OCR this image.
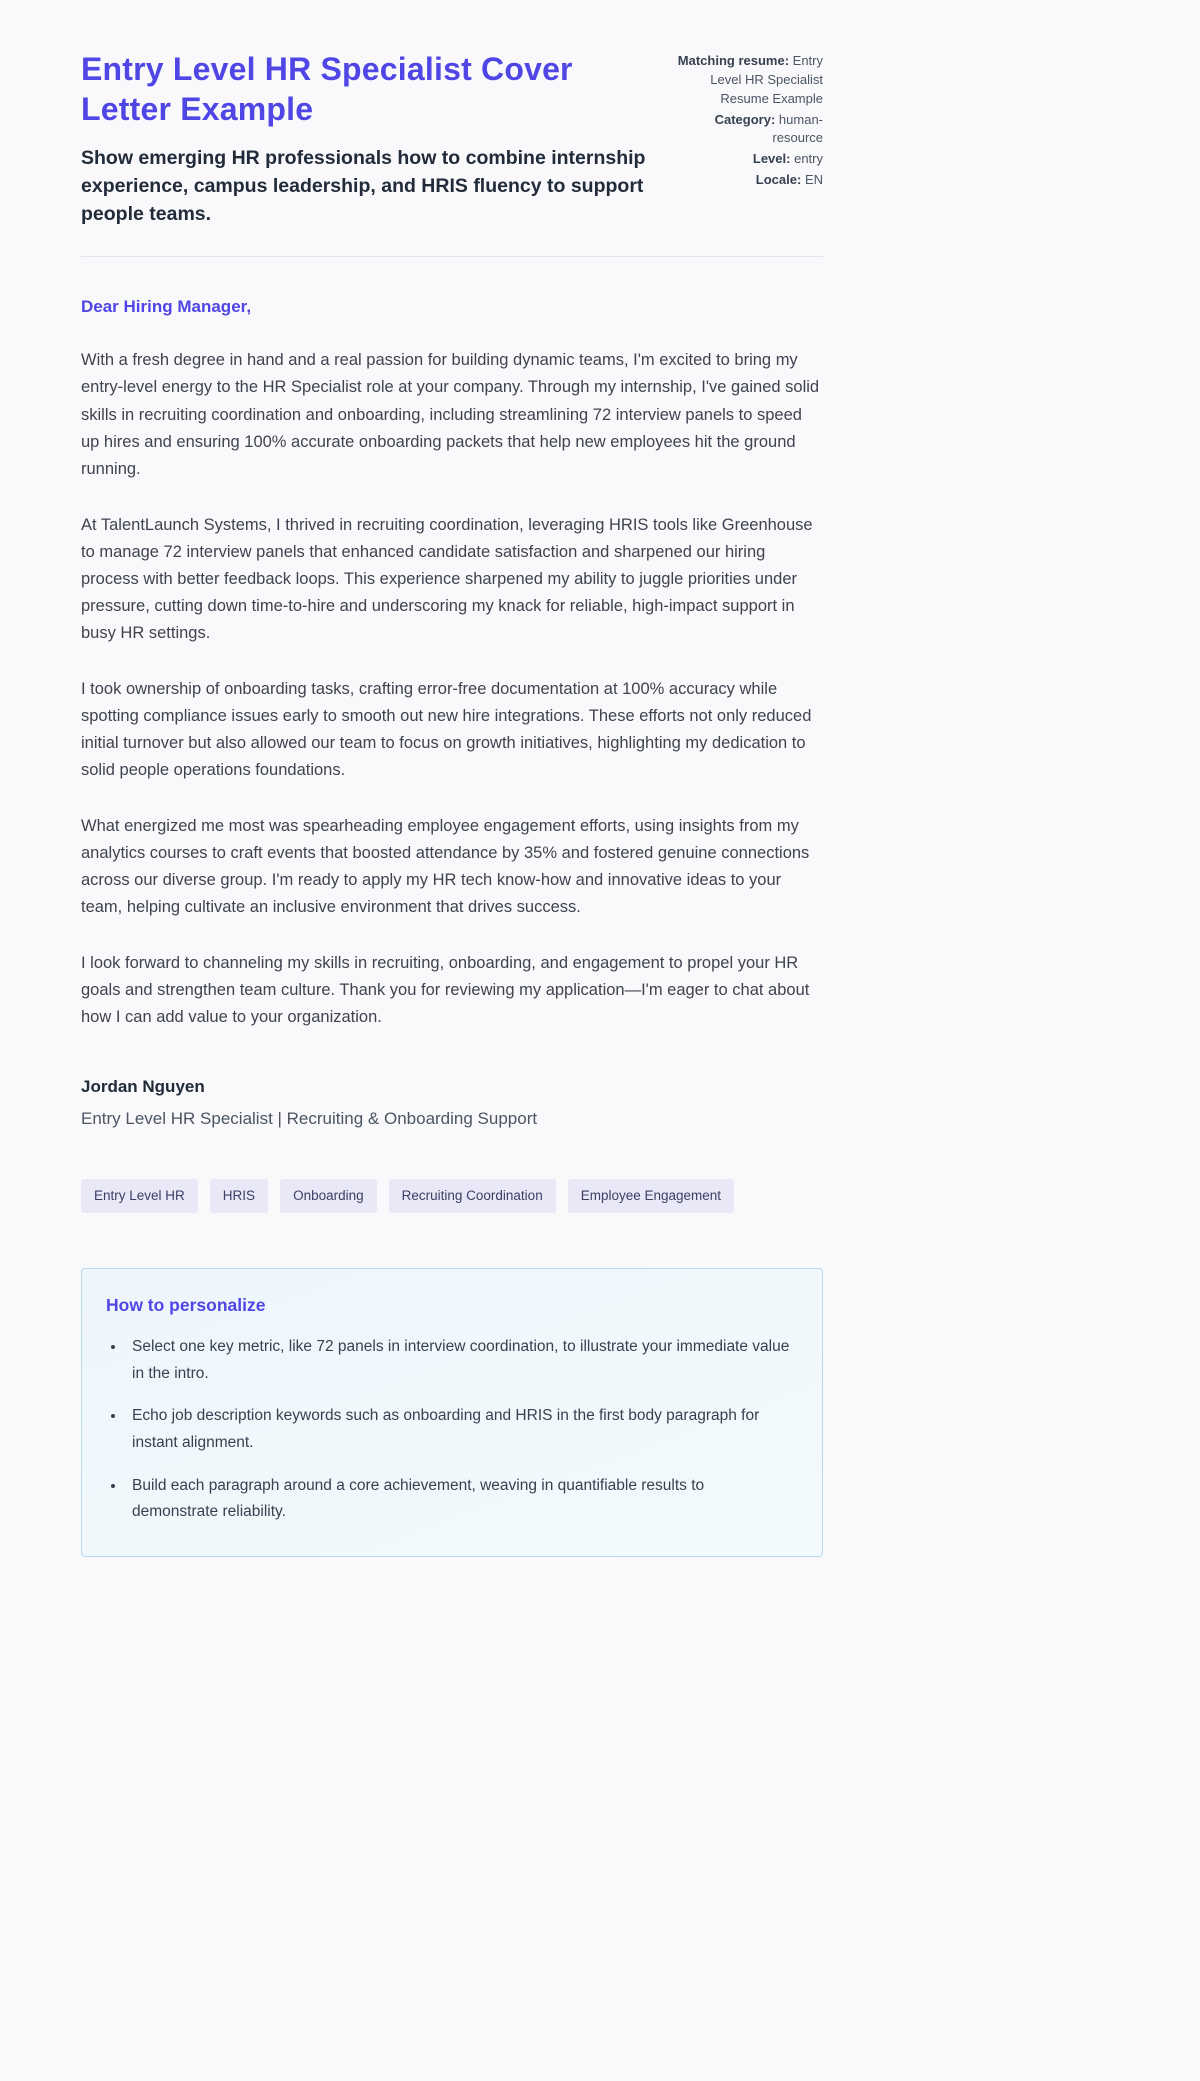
Entry Level HR Specialist Cover Letter Example

Show emerging HR professionals how to combine internship experience, campus leadership, and HRIS fluency to support people teams.

Matching resume: Entry Level HR Specialist Resume Example
Category: human-resource
Level: entry
Locale: EN

Dear Hiring Manager,

With a fresh degree in hand and a real passion for building dynamic teams, I'm excited to bring my entry-level energy to the HR Specialist role at your company. Through my internship, I've gained solid skills in recruiting coordination and onboarding, including streamlining 72 interview panels to speed up hires and ensuring 100% accurate onboarding packets that help new employees hit the ground running.

At TalentLaunch Systems, I thrived in recruiting coordination, leveraging HRIS tools like Greenhouse to manage 72 interview panels that enhanced candidate satisfaction and sharpened our hiring process with better feedback loops. This experience sharpened my ability to juggle priorities under pressure, cutting down time-to-hire and underscoring my knack for reliable, high-impact support in busy HR settings.

I took ownership of onboarding tasks, crafting error-free documentation at 100% accuracy while spotting compliance issues early to smooth out new hire integrations. These efforts not only reduced initial turnover but also allowed our team to focus on growth initiatives, highlighting my dedication to solid people operations foundations.

What energized me most was spearheading employee engagement efforts, using insights from my analytics courses to craft events that boosted attendance by 35% and fostered genuine connections across our diverse group. I'm ready to apply my HR tech know-how and innovative ideas to your team, helping cultivate an inclusive environment that drives success.

I look forward to channeling my skills in recruiting, onboarding, and engagement to propel your HR goals and strengthen team culture. Thank you for reviewing my application—I'm eager to chat about how I can add value to your organization.

Jordan Nguyen

Entry Level HR Specialist | Recruiting & Onboarding Support

Entry Level HR	HRIS	Onboarding	Recruiting Coordination	Employee Engagement
How to personalize
• Select one key metric, like 72 panels in interview coordination, to illustrate your immediate value in the intro.
• Echo job description keywords such as onboarding and HRIS in the first body paragraph for instant alignment.
• Build each paragraph around a core achievement, weaving in quantifiable results to demonstrate reliability.
